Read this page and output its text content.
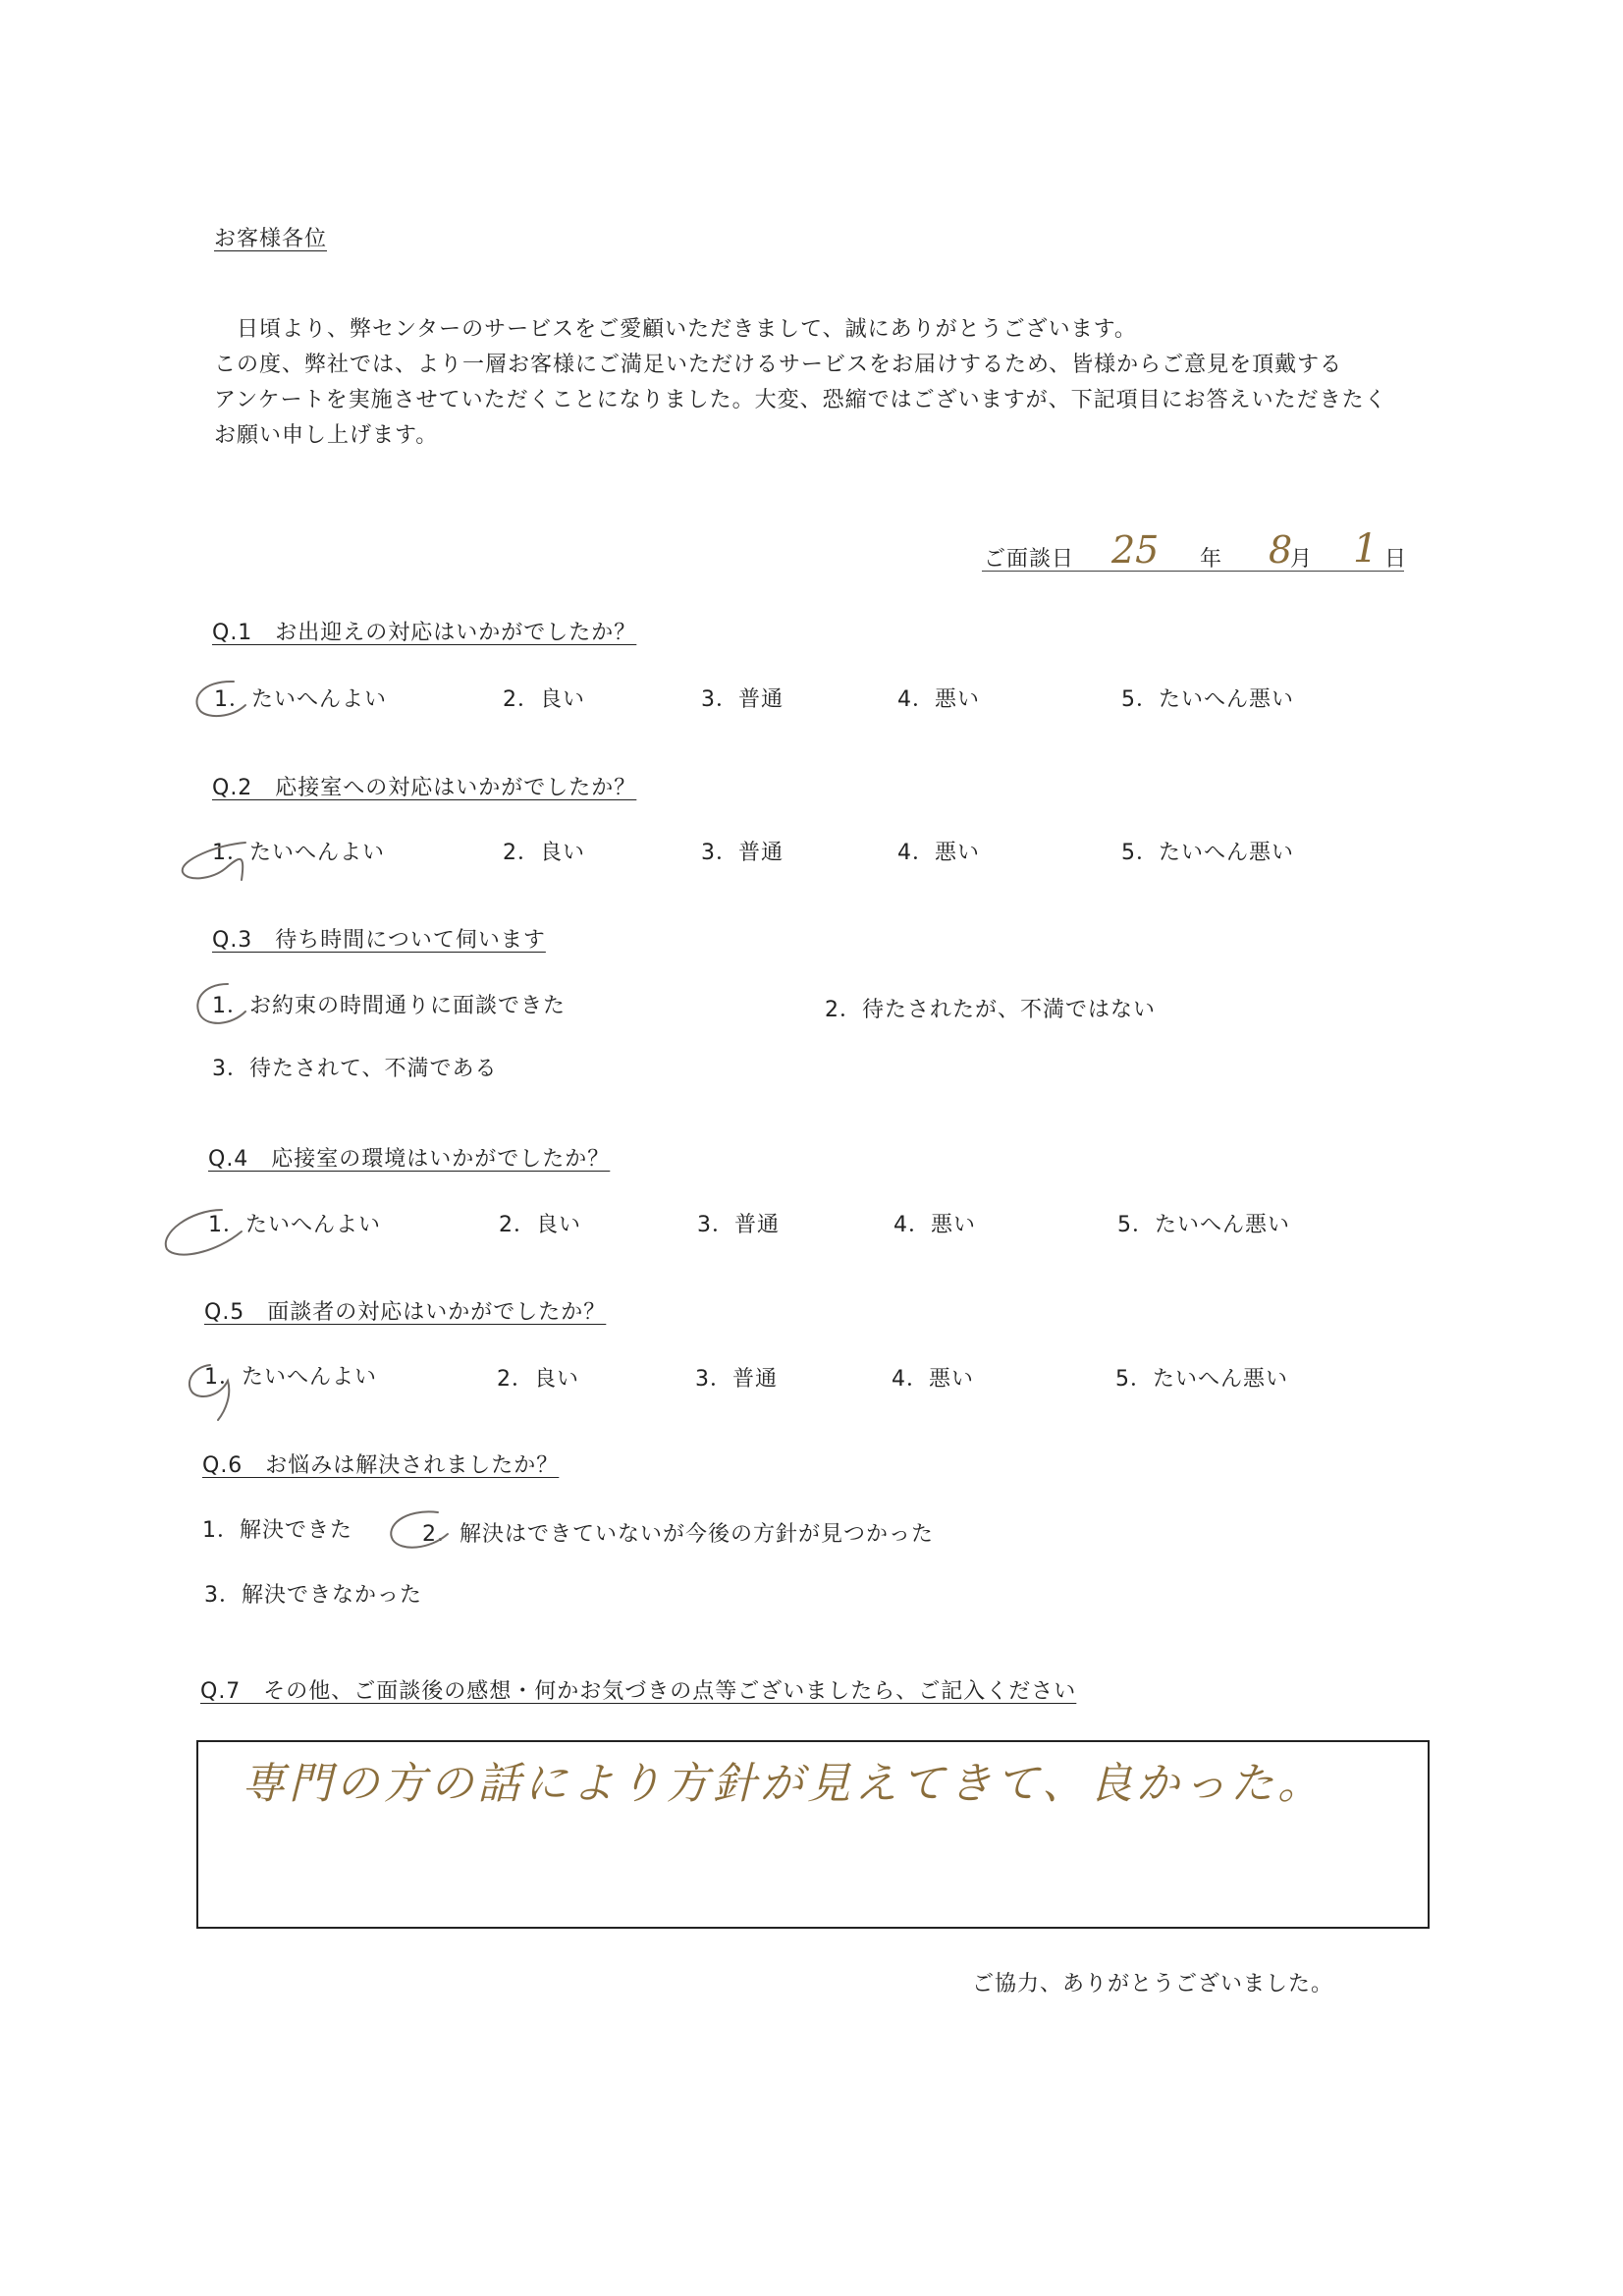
お客様各位
　日頃より、弊センターのサービスをご愛顧いただきまして、誠にありがとうございます。
この度、弊社では、より一層お客様にご満足いただけるサービスをお届けするため、皆様からご意見を頂戴する
アンケートを実施させていただくことになりました。大変、恐縮ではございますが、下記項目にお答えいただきたく
お願い申し上げます。
ご面談日 25 年 8
月 1 日
Q.1　お出迎えの対応はいかがでしたか？
1．たいへんよい	2．良い	3．普通	4．悪い	5．たいへん悪い
Q.2　応接室への対応はいかがでしたか？
1．たいへんよい	2．良い	3．普通	4．悪い	5．たいへん悪い
Q.3　待ち時間について伺います
1．お約束の時間通りに面談できた	2．待たされたが、不満ではない
3．待たされて、不満である
Q.4　応接室の環境はいかがでしたか？
1．たいへんよい	2．良い	3．普通	4．悪い	5．たいへん悪い
Q.5　面談者の対応はいかがでしたか？
1．たいへんよい	2．良い	3．普通	4．悪い	5．たいへん悪い
Q.6　お悩みは解決されましたか？
1．解決できた	2．解決はできていないが今後の方針が見つかった
3．解決できなかった
Q.7　その他、ご面談後の感想・何かお気づきの点等ございましたら、ご記入ください
専門の方の話により方針が見えてきて、良かった。
ご協力、ありがとうございました。
